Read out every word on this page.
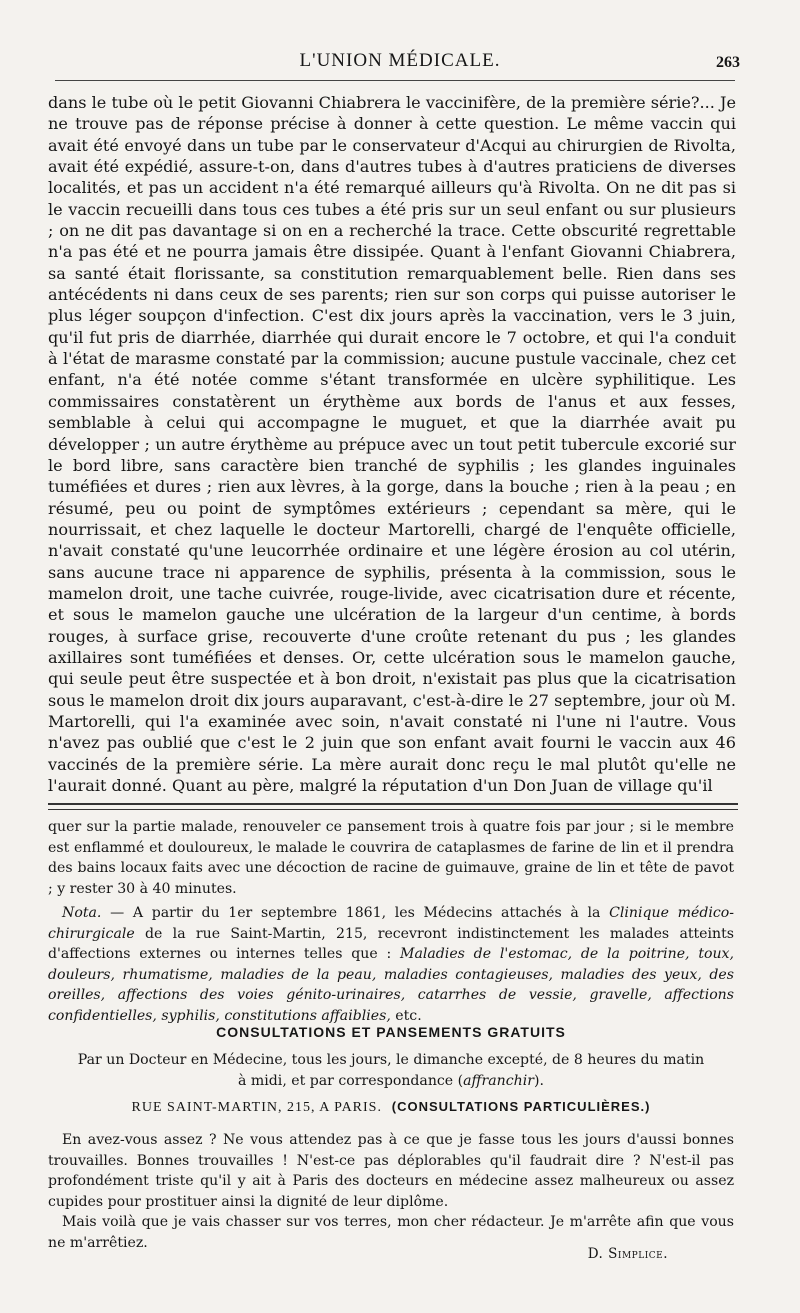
L'UNION MÉDICALE.	263

dans le tube où le petit Giovanni Chiabrera le vaccinifère, de la première série?... Je ne trouve pas de réponse précise à donner à cette question. Le même vaccin qui avait été envoyé dans un tube par le conservateur d'Acqui au chirurgien de Rivolta, avait été expédié, assure-t-on, dans d'autres tubes à d'autres praticiens de diverses localités, et pas un accident n'a été remarqué ailleurs qu'à Rivolta. On ne dit pas si le vaccin recueilli dans tous ces tubes a été pris sur un seul enfant ou sur plusieurs ; on ne dit pas davantage si on en a recherché la trace. Cette obscurité regrettable n'a pas été et ne pourra jamais être dissipée. Quant à l'enfant Giovanni Chiabrera, sa santé était florissante, sa constitution remarquablement belle. Rien dans ses antécédents ni dans ceux de ses parents; rien sur son corps qui puisse autoriser le plus léger soupçon d'infection. C'est dix jours après la vaccination, vers le 3 juin, qu'il fut pris de diarrhée, diarrhée qui durait encore le 7 octobre, et qui l'a conduit à l'état de marasme constaté par la commission; aucune pustule vaccinale, chez cet enfant, n'a été notée comme s'étant transformée en ulcère syphilitique. Les commissaires constatèrent un érythème aux bords de l'anus et aux fesses, semblable à celui qui accompagne le muguet, et que la diarrhée avait pu développer ; un autre érythème au prépuce avec un tout petit tubercule excorié sur le bord libre, sans caractère bien tranché de syphilis ; les glandes inguinales tuméfiées et dures ; rien aux lèvres, à la gorge, dans la bouche ; rien à la peau ; en résumé, peu ou point de symptômes extérieurs ; cependant sa mère, qui le nourrissait, et chez laquelle le docteur Martorelli, chargé de l'enquête officielle, n'avait constaté qu'une leucorrhée ordinaire et une légère érosion au col utérin, sans aucune trace ni apparence de syphilis, présenta à la commission, sous le mamelon droit, une tache cuivrée, rouge-livide, avec cicatrisation dure et récente, et sous le mamelon gauche une ulcération de la largeur d'un centime, à bords rouges, à surface grise, recouverte d'une croûte retenant du pus ; les glandes axillaires sont tuméfiées et denses. Or, cette ulcération sous le mamelon gauche, qui seule peut être suspectée et à bon droit, n'existait pas plus que la cicatrisation sous le mamelon droit dix jours auparavant, c'est-à-dire le 27 septembre, jour où M. Martorelli, qui l'a examinée avec soin, n'avait constaté ni l'une ni l'autre. Vous n'avez pas oublié que c'est le 2 juin que son enfant avait fourni le vaccin aux 46 vaccinés de la première série. La mère aurait donc reçu le mal plutôt qu'elle ne l'aurait donné. Quant au père, malgré la réputation d'un Don Juan de village qu'il

quer sur la partie malade, renouveler ce pansement trois à quatre fois par jour ; si le membre est enflammé et douloureux, le malade le couvrira de cataplasmes de farine de lin et il prendra des bains locaux faits avec une décoction de racine de guimauve, graine de lin et tête de pavot ; y rester 30 à 40 minutes.

Nota. — A partir du 1er septembre 1861, les Médecins attachés à la Clinique médico-chirurgicale de la rue Saint-Martin, 215, recevront indistinctement les malades atteints d'affections externes ou internes telles que : Maladies de l'estomac, de la poitrine, toux, douleurs, rhumatisme, maladies de la peau, maladies contagieuses, maladies des yeux, des oreilles, affections des voies génito-urinaires, catarrhes de vessie, gravelle, affections confidentielles, syphilis, constitutions affaiblies, etc.

CONSULTATIONS ET PANSEMENTS GRATUITS
Par un Docteur en Médecine, tous les jours, le dimanche excepté, de 8 heures du matin
à midi, et par correspondance (affranchir).
RUE SAINT-MARTIN, 215, A PARIS. (CONSULTATIONS PARTICULIÈRES.)

En avez-vous assez ? Ne vous attendez pas à ce que je fasse tous les jours d'aussi bonnes trouvailles. Bonnes trouvailles ! N'est-ce pas déplorables qu'il faudrait dire ? N'est-il pas profondément triste qu'il y ait à Paris des docteurs en médecine assez malheureux ou assez cupides pour prostituer ainsi la dignité de leur diplôme.

Mais voilà que je vais chasser sur vos terres, mon cher rédacteur. Je m'arrête afin que vous ne m'arrêtiez.

D. Simplice.
